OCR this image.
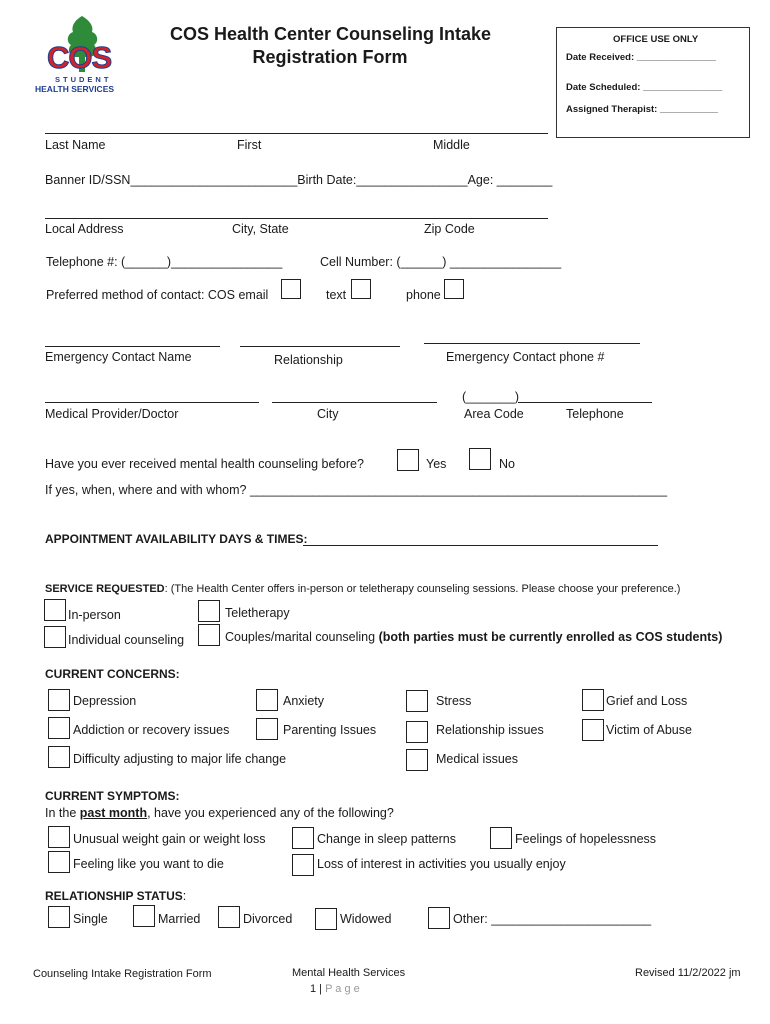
COS
STUDENT
HEALTH SERVICES
COS Health Center Counseling Intake
Registration Form
OFFICE USE ONLY
Date Received: _______________
Date Scheduled: _______________
Assigned Therapist: ___________
Last Name	First	Middle
Banner ID/SSN________________________Birth Date:________________Age: ________
Local Address	City, State	Zip Code
Telephone #: (______)________________	Cell Number: (______) ________________
Preferred method of contact: COS email	text	phone
Emergency Contact Name	Relationship	Emergency Contact phone #
(_______)
Medical Provider/Doctor	City	Area Code	Telephone
Have you ever received mental health counseling before?	Yes	No
If yes, when, where and with whom? ____________________________________________________________
APPOINTMENT AVAILABILITY DAYS & TIMES:
SERVICE REQUESTED: (The Health Center offers in-person or teletherapy counseling sessions. Please choose your preference.)
In-person	Teletherapy
Individual counseling	Couples/marital counseling (both parties must be currently enrolled as COS students)
CURRENT CONCERNS:
Depression	Anxiety	Stress	Grief and Loss
Addiction or recovery issues	Parenting Issues	Relationship issues	Victim of Abuse
Difficulty adjusting to major life change	Medical issues
CURRENT SYMPTOMS:
In the past month, have you experienced any of the following?
Unusual weight gain or weight loss	Change in sleep patterns	Feelings of hopelessness
Feeling like you want to die	Loss of interest in activities you usually enjoy
RELATIONSHIP STATUS:
Single	Married	Divorced	Widowed	Other: _______________________
Counseling Intake Registration Form	Mental Health Services
1 | P a g e
Revised 11/2/2022 jm
